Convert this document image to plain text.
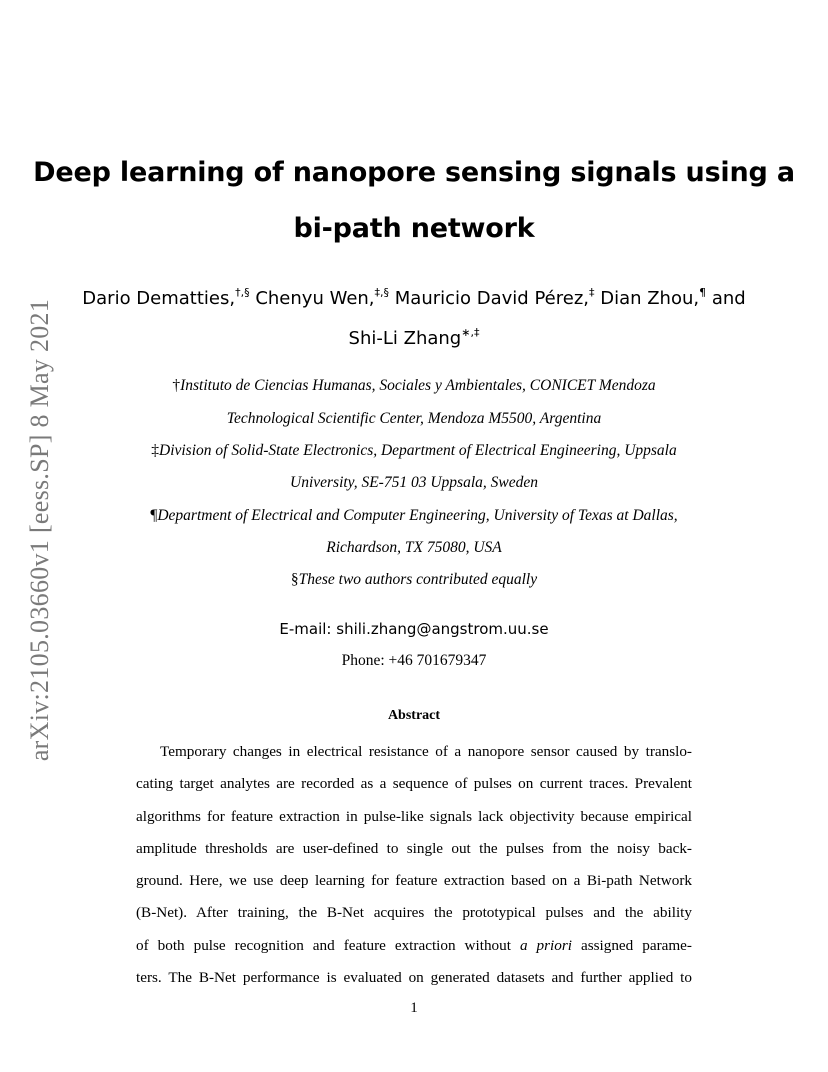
arXiv:2105.03660v1 [eess.SP] 8 May 2021
Deep learning of nanopore sensing signals using a
bi-path network
Dario Dematties,†,§ Chenyu Wen,‡,§ Mauricio David Pérez,‡ Dian Zhou,¶ and
Shi-Li Zhang∗,‡
†Instituto de Ciencias Humanas, Sociales y Ambientales, CONICET Mendoza
Technological Scientific Center, Mendoza M5500, Argentina
‡Division of Solid-State Electronics, Department of Electrical Engineering, Uppsala
University, SE-751 03 Uppsala, Sweden
¶Department of Electrical and Computer Engineering, University of Texas at Dallas,
Richardson, TX 75080, USA
§These two authors contributed equally
E-mail: shili.zhang@angstrom.uu.se
Phone: +46 701679347
Abstract
Temporary changes in electrical resistance of a nanopore sensor caused by translo-
cating target analytes are recorded as a sequence of pulses on current traces. Prevalent
algorithms for feature extraction in pulse-like signals lack objectivity because empirical
amplitude thresholds are user-defined to single out the pulses from the noisy back-
ground. Here, we use deep learning for feature extraction based on a Bi-path Network
(B-Net). After training, the B-Net acquires the prototypical pulses and the ability
of both pulse recognition and feature extraction without a priori assigned parame-
ters. The B-Net performance is evaluated on generated datasets and further applied to
1
